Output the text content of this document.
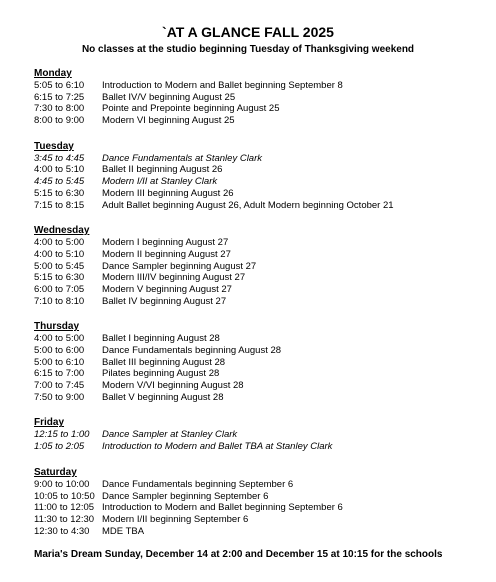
`AT A GLANCE FALL 2025
No classes at the studio beginning Tuesday of Thanksgiving weekend
Monday
5:05 to 6:10	Introduction to Modern and Ballet beginning September 8
6:15 to 7:25	Ballet IV/V beginning August 25
7:30 to 8:00	Pointe and Prepointe beginning August 25
8:00 to 9:00	Modern VI beginning August 25
Tuesday
3:45 to 4:45	Dance Fundamentals at Stanley Clark
4:00 to 5:10	Ballet II beginning August 26
4:45 to 5:45	Modern I/II at Stanley Clark
5:15 to 6:30	Modern III beginning August 26
7:15 to 8:15	Adult Ballet beginning August 26, Adult Modern beginning October 21
Wednesday
4:00 to 5:00	Modern I beginning August 27
4:00 to 5:10	Modern II beginning August 27
5:00 to 5:45	Dance Sampler beginning August 27
5:15 to 6:30	Modern III/IV beginning August 27
6:00 to 7:05	Modern V beginning August 27
7:10 to 8:10	Ballet IV beginning August 27
Thursday
4:00 to 5:00	Ballet I beginning August 28
5:00 to 6:00	Dance Fundamentals beginning August 28
5:00 to 6:10	Ballet III beginning August 28
6:15 to 7:00	Pilates beginning August 28
7:00 to 7:45	Modern V/VI beginning August 28
7:50 to 9:00	Ballet V beginning August 28
Friday
12:15 to 1:00	Dance Sampler at Stanley Clark
1:05 to 2:05	Introduction to Modern and Ballet TBA at Stanley Clark
Saturday
9:00 to 10:00	Dance Fundamentals beginning September 6
10:05 to 10:50 Dance Sampler beginning September 6
11:00 to 12:05 Introduction to Modern and Ballet beginning September 6
11:30 to 12:30 Modern I/II beginning September 6
12:30 to 4:30	MDE TBA
Maria's Dream Sunday, December 14 at 2:00 and December 15 at 10:15 for the schools
